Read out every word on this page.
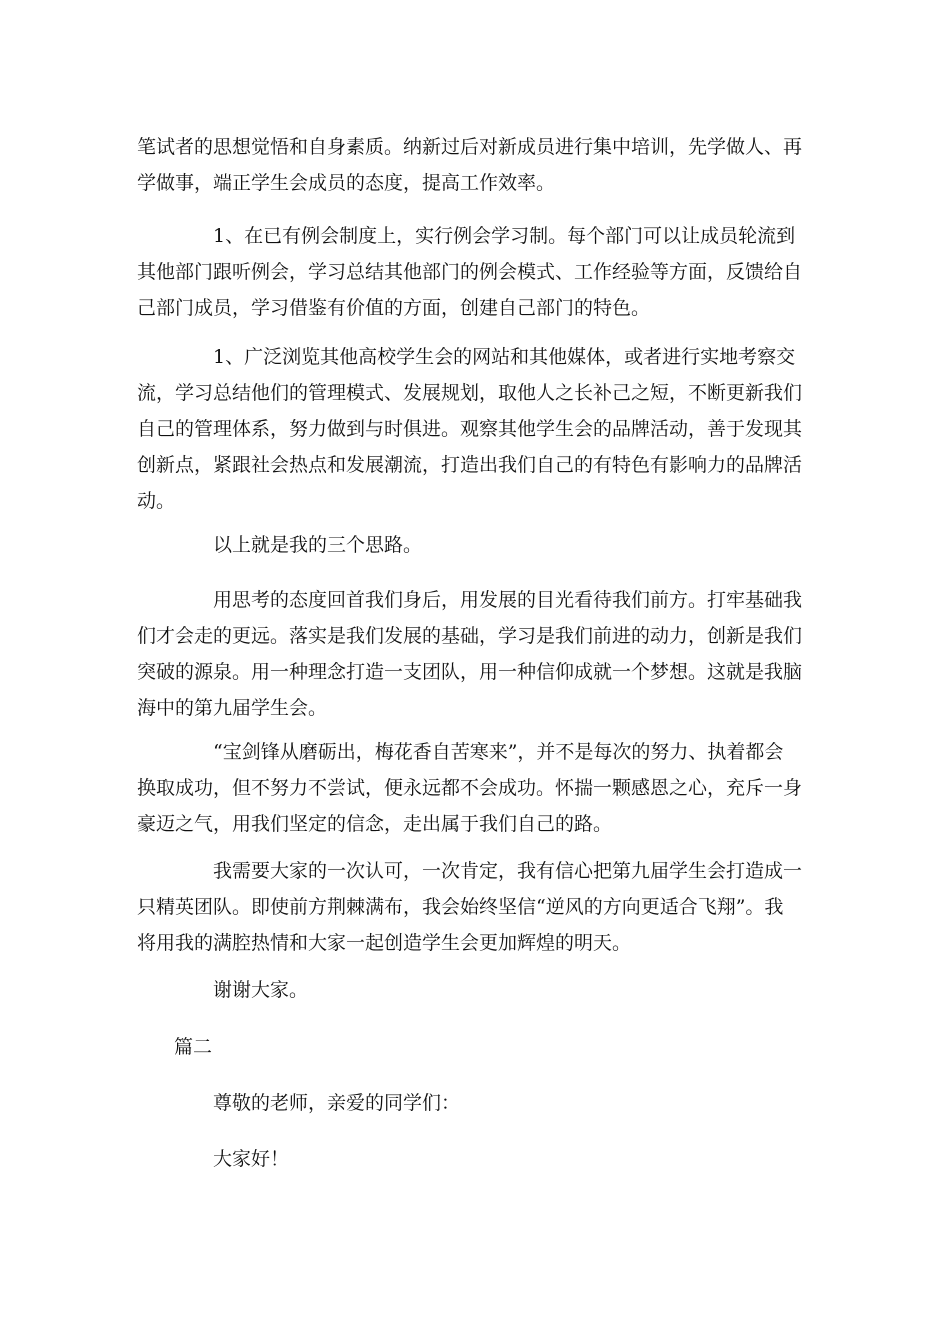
笔试者的思想觉悟和自身素质。纳新过后对新成员进行集中培训，先学做人、再
学做事，端正学生会成员的态度，提高工作效率。
1、在已有例会制度上，实行例会学习制。每个部门可以让成员轮流到
其他部门跟听例会，学习总结其他部门的例会模式、工作经验等方面，反馈给自
己部门成员，学习借鉴有价值的方面，创建自己部门的特色。
1、广泛浏览其他高校学生会的网站和其他媒体，或者进行实地考察交
流，学习总结他们的管理模式、发展规划，取他人之长补己之短，不断更新我们
自己的管理体系，努力做到与时俱进。观察其他学生会的品牌活动，善于发现其
创新点，紧跟社会热点和发展潮流，打造出我们自己的有特色有影响力的品牌活
动。
以上就是我的三个思路。
用思考的态度回首我们身后，用发展的目光看待我们前方。打牢基础我
们才会走的更远。落实是我们发展的基础，学习是我们前进的动力，创新是我们
突破的源泉。用一种理念打造一支团队，用一种信仰成就一个梦想。这就是我脑
海中的第九届学生会。
“宝剑锋从磨砺出，梅花香自苦寒来”，并不是每次的努力、执着都会
换取成功，但不努力不尝试，便永远都不会成功。怀揣一颗感恩之心，充斥一身
豪迈之气，用我们坚定的信念，走出属于我们自己的路。
我需要大家的一次认可，一次肯定，我有信心把第九届学生会打造成一
只精英团队。即使前方荆棘满布，我会始终坚信“逆风的方向更适合飞翔”。我
将用我的满腔热情和大家一起创造学生会更加辉煌的明天。
谢谢大家。
篇二
尊敬的老师，亲爱的同学们：
大家好！
